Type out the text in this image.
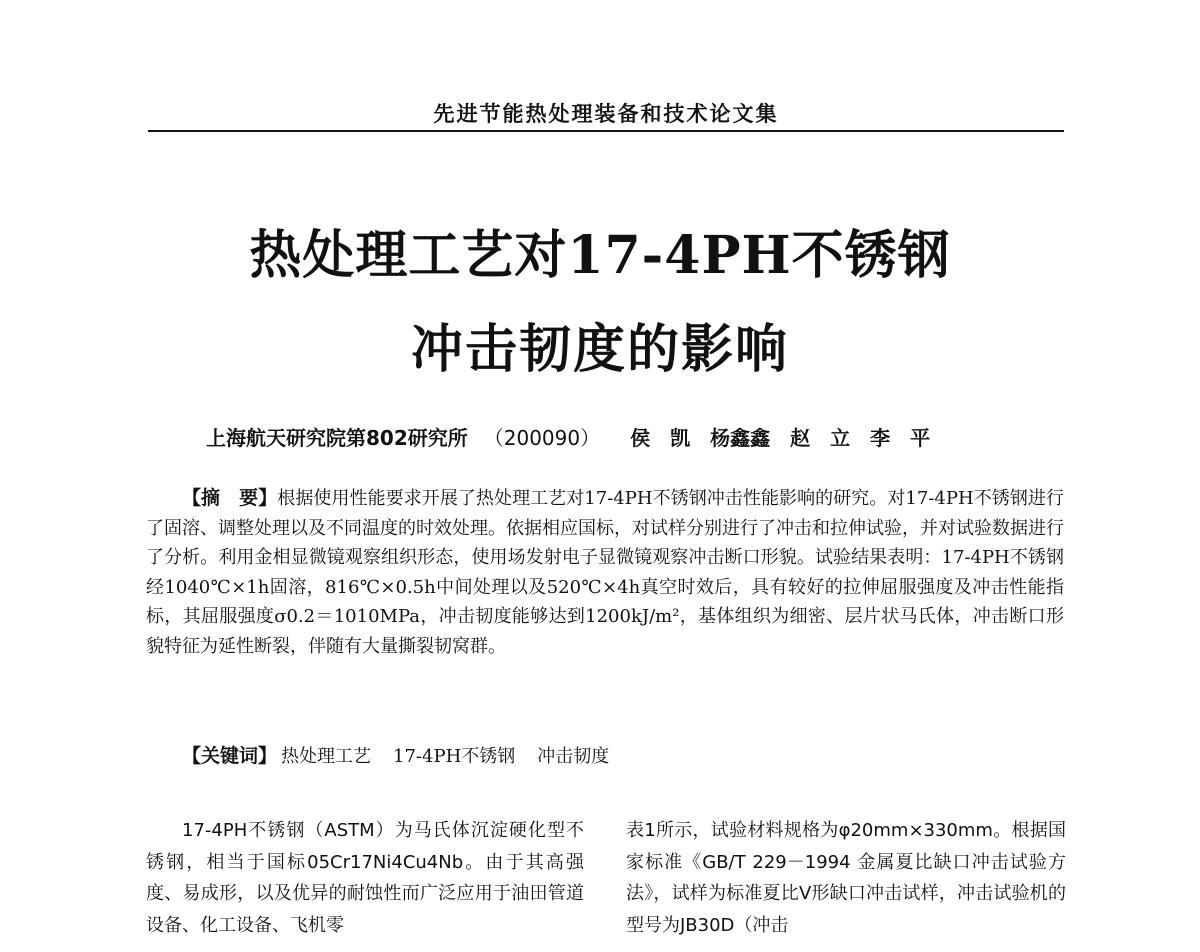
先进节能热处理装备和技术论文集
热处理工艺对17-4PH不锈钢
冲击韧度的影响
上海航天研究院第802研究所 （200090） 侯　凯　杨鑫鑫　赵　立　李　平

【摘　要】根据使用性能要求开展了热处理工艺对17-4PH不锈钢冲击性能影响的研究。对17-4PH不锈钢进行了固溶、调整处理以及不同温度的时效处理。依据相应国标，对试样分别进行了冲击和拉伸试验，并对试验数据进行了分析。利用金相显微镜观察组织形态，使用场发射电子显微镜观察冲击断口形貌。试验结果表明：17-4PH不锈钢经1040℃×1h固溶，816℃×0.5h中间处理以及520℃×4h真空时效后，具有较好的拉伸屈服强度及冲击性能指标，其屈服强度σ0.2＝1010MPa，冲击韧度能够达到1200kJ/m²，基体组织为细密、层片状马氏体，冲击断口形貌特征为延性断裂，伴随有大量撕裂韧窝群。

【关键词】 热处理工艺 17-4PH不锈钢 冲击韧度

17-4PH不锈钢（ASTM）为马氏体沉淀硬化型不锈钢，相当于国标05Cr17Ni4Cu4Nb。由于其高强度、易成形，以及优异的耐蚀性而广泛应用于油田管道设备、化工设备、飞机零

表1所示，试验材料规格为φ20mm×330mm。根据国家标准《GB/T 229－1994 金属夏比缺口冲击试验方法》，试样为标准夏比V形缺口冲击试样，冲击试验机的型号为JB30D（冲击
